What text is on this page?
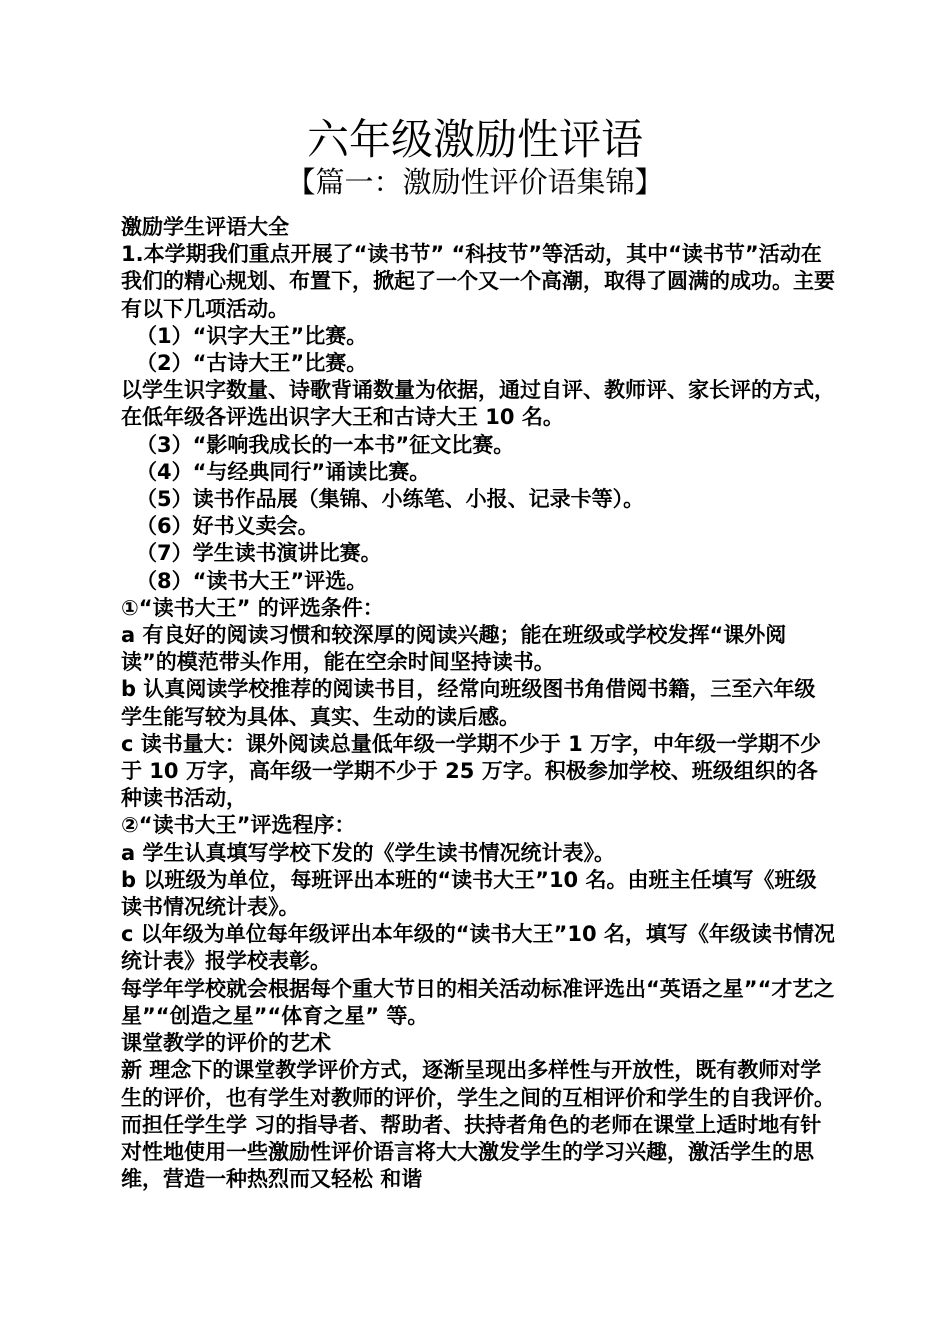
六年级激励性评语
【篇一：激励性评价语集锦】

激励学生评语大全

1.本学期我们重点开展了“读书节” “科技节”等活动，其中“读书节”活动在我们的精心规划、布置下，掀起了一个又一个高潮，取得了圆满的成功。主要有以下几项活动。

（1）“识字大王”比赛。

（2）“古诗大王”比赛。

以学生识字数量、诗歌背诵数量为依据，通过自评、教师评、家长评的方式，在低年级各评选出识字大王和古诗大王 10 名。

（3）“影响我成长的一本书”征文比赛。

（4）“与经典同行”诵读比赛。

（5）读书作品展（集锦、小练笔、小报、记录卡等）。

（6）好书义卖会。

（7）学生读书演讲比赛。

（8）“读书大王”评选。

①“读书大王” 的评选条件：

a 有良好的阅读习惯和较深厚的阅读兴趣；能在班级或学校发挥“课外阅读”的模范带头作用，能在空余时间坚持读书。

b 认真阅读学校推荐的阅读书目，经常向班级图书角借阅书籍，三至六年级学生能写较为具体、真实、生动的读后感。

c 读书量大：课外阅读总量低年级一学期不少于 1 万字，中年级一学期不少于 10 万字，高年级一学期不少于 25 万字。积极参加学校、班级组织的各种读书活动，

②“读书大王”评选程序：

a 学生认真填写学校下发的《学生读书情况统计表》。

b 以班级为单位，每班评出本班的“读书大王”10 名。由班主任填写《班级读书情况统计表》。

c 以年级为单位每年级评出本年级的“读书大王”10 名，填写《年级读书情况统计表》报学校表彰。

每学年学校就会根据每个重大节日的相关活动标准评选出“英语之星”“才艺之星”“创造之星”“体育之星” 等。

课堂教学的评价的艺术

新 理念下的课堂教学评价方式，逐渐呈现出多样性与开放性，既有教师对学生的评价，也有学生对教师的评价，学生之间的互相评价和学生的自我评价。而担任学生学 习的指导者、帮助者、扶持者角色的老师在课堂上适时地有针对性地使用一些激励性评价语言将大大激发学生的学习兴趣，激活学生的思维，营造一种热烈而又轻松 和谐
